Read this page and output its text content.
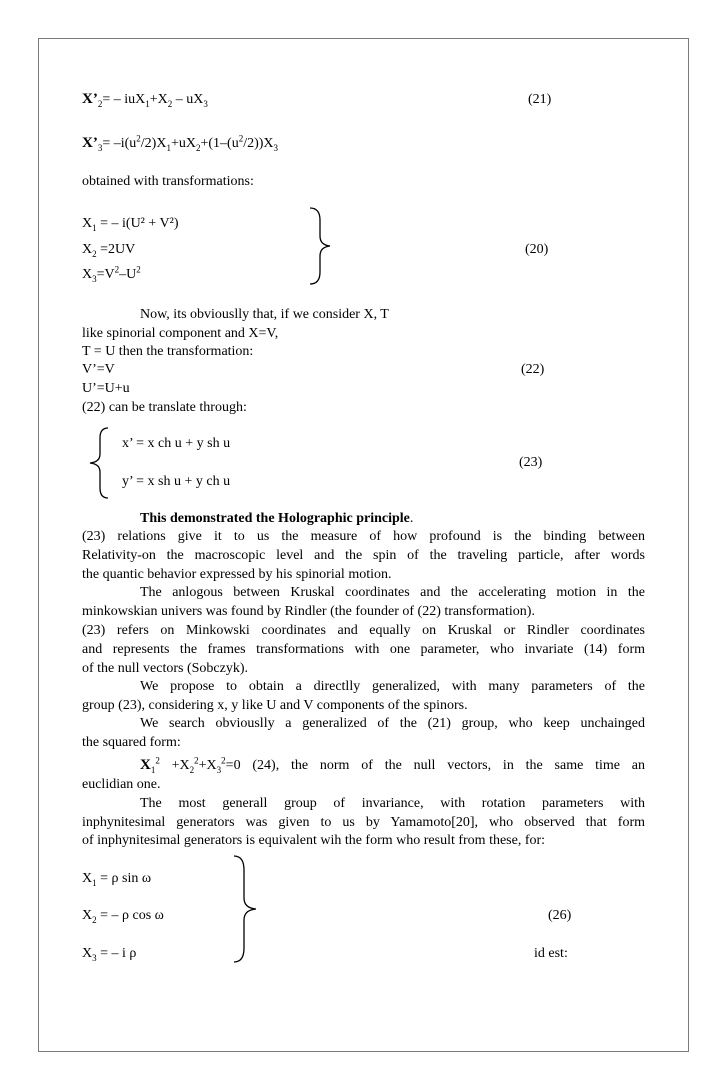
$X’_2= - iuX_1+X_2 - uX_3$	(21)
$X’_3= -i(u^2/2)X_1+uX_2+(1-(u^2/2))X_3$
obtained with transformations:
$X_1$ = – i(U² + V²)
$X_2 =2UV$
$X_3=V^2-U^2$
(20)
Now, its obviouslly that, if we consider X, T
like spinorial component and X=V,
T = U then the transformation:
V’=V	(22)
U’=U+u
(22) can be translate through:
x’ = x ch u + y sh u
y’ = x sh u + y ch u
(23)
This demonstrated the Holographic principle.
(23) relations give it to us the measure of how profound is the binding between
Relativity-on the macroscopic level and the spin of the traveling particle, after words
the quantic behavior expressed by his spinorial motion.
The anlogous between Kruskal coordinates and the accelerating motion in the
minkowskian univers was found by Rindler (the founder of (22) transformation).
(23) refers on Minkowski coordinates and equally on Kruskal or Rindler coordinates
and represents the frames transformations with one parameter, who invariate (14) form
of the null vectors (Sobczyk).
We propose to obtain a directlly generalized, with many parameters of the
group (23), considering x, y like U and V components of the spinors.
We search obviouslly a generalized of the (21) group, who keep unchainged
the squared form:
$X_1^2 +X_2^2+X_3^2=0$ (24), the norm of the null vectors, in the same time an
euclidian one.
The most generall group of invariance, with rotation parameters with
inphynitesimal generators was given to us by Yamamoto[20], who observed that form
of inphynitesimal generators is equivalent wih the form who result from these, for:
$X_1 = \rho$ sin ω
$X_2$ = – ρ cos ω
$X_3$ = – i ρ
(26)
id est:
